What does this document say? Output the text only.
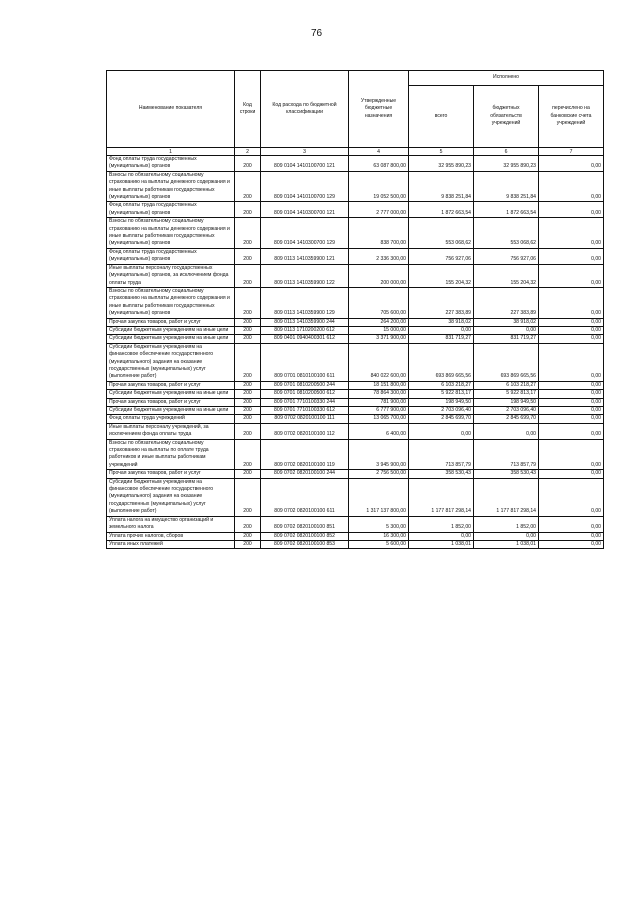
76
Наименование показателя	Код строки	Код расхода по бюджетной классификации	Утвержденные бюджетные назначения	Исполнено		
				всего	бюджетных обязательств учреждений	перечислено на банковские счета учреждений
1	2	3	4	5	6	7
Фонд оплаты труда государственных (муниципальных) органов	200	809 0104 1410100700 121	63 087 800,00	32 955 890,23	32 955 890,23	0,00
Взносы по обязательному социальному страхованию на выплаты денежного содержания и иные выплаты работникам государственных (муниципальных) органов	200	809 0104 1410100700 129	19 052 500,00	9 838 251,84	9 838 251,84	0,00
Фонд оплаты труда государственных (муниципальных) органов	200	809 0104 1410300700 121	2 777 000,00	1 872 663,54	1 872 663,54	0,00
Взносы по обязательному социальному страхованию на выплаты денежного содержания и иные выплаты работникам государственных (муниципальных) органов	200	809 0104 1410300700 129	838 700,00	553 068,62	553 068,62	0,00
Фонд оплаты труда государственных (муниципальных) органов	200	809 0113 1410359900 121	2 336 300,00	756 927,06	756 927,06	0,00
Иные выплаты персоналу государственных (муниципальных) органов, за исключением фонда оплаты труда	200	809 0113 1410359900 122	200 000,00	155 204,32	155 204,32	0,00
Взносы по обязательному социальному страхованию на выплаты денежного содержания и иные выплаты работникам государственных (муниципальных) органов	200	809 0113 1410359900 129	705 600,00	227 383,89	227 383,89	0,00
Прочая закупка товаров, работ и услуг	200	809 0113 1410359900 244	264 200,00	38 918,02	38 918,02	0,00
Субсидии бюджетным учреждениям на иные цели	200	809 0113 1710200200 612	15 000,00	0,00	0,00	0,00
Субсидии бюджетным учреждениям на иные цели	200	809 0401 0940400301 612	3 371 900,00	831 719,27	831 719,27	0,00
Субсидии бюджетным учреждениям на финансовое обеспечение государственного (муниципального) задания на оказание государственных (муниципальных) услуг (выполнение работ)	200	809 0701 0810100100 611	840 022 600,00	693 869 665,56	693 869 665,56	0,00
Прочая закупка товаров, работ и услуг	200	809 0701 0810200500 244	18 151 800,00	6 103 218,27	6 103 218,27	0,00
Субсидии бюджетным учреждениям на иные цели	200	809 0701 0810200500 612	78 864 300,00	5 922 813,17	5 922 813,17	0,00
Прочая закупка товаров, работ и услуг	200	809 0701 7710100330 244	781 900,00	198 949,50	198 949,50	0,00
Субсидии бюджетным учреждениям на иные цели	200	809 0701 7710100330 612	6 777 900,00	2 703 096,40	2 703 096,40	0,00
Фонд оплаты труда учреждений	200	809 0702 0820100100 111	13 065 700,00	2 845 699,70	2 845 699,70	0,00
Иные выплаты персоналу учреждений, за исключением фонда оплаты труда	200	809 0702 0820100100 112	6 400,00	0,00	0,00	0,00
Взносы по обязательному социальному страхованию на выплаты по оплате труда работников и иные выплаты работникам учреждений	200	809 0702 0820100100 119	3 945 900,00	713 857,79	713 857,79	0,00
Прочая закупка товаров, работ и услуг	200	809 0702 0820100100 244	2 756 500,00	358 530,43	358 530,43	0,00
Субсидии бюджетным учреждениям на финансовое обеспечение государственного (муниципального) задания на оказание государственных (муниципальных) услуг (выполнение работ)	200	809 0702 0820100100 611	1 317 137 800,00	1 177 817 298,14	1 177 817 298,14	0,00
Уплата налога на имущество организаций и земельного налога	200	809 0702 0820100100 851	5 300,00	1 852,00	1 852,00	0,00
Уплата прочих налогов, сборов	200	809 0702 0820100100 852	16 300,00	0,00	0,00	0,00
Уплата иных платежей	200	809 0702 0820100100 853	5 600,00	1 038,01	1 038,01	0,00
